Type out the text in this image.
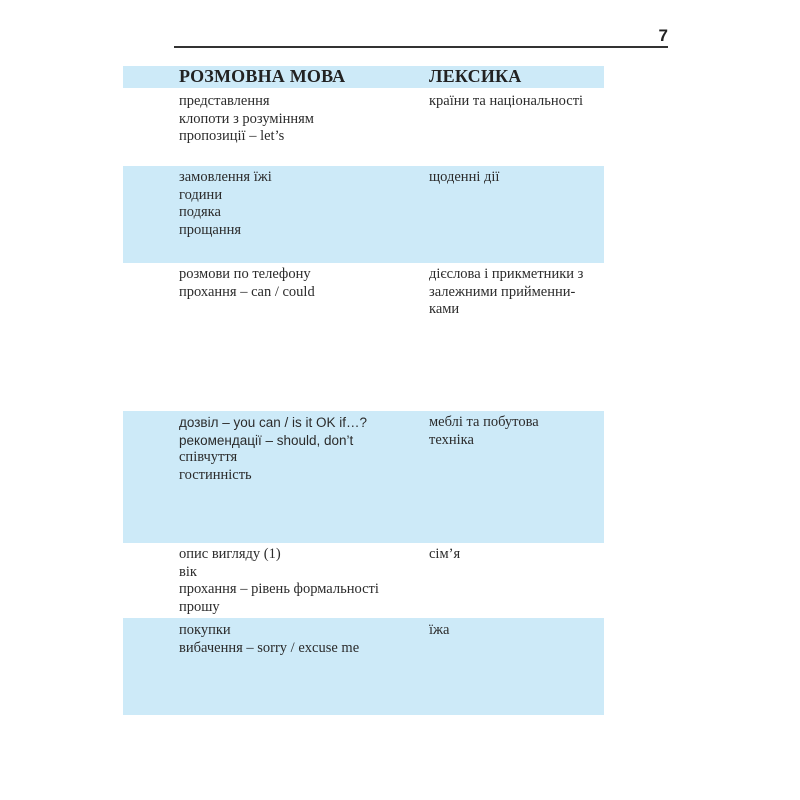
7
РОЗМОВНА МОВА	ЛЕКСИКА
представлення
клопоти з розумінням
пропозиції – let’s
країни та національності
замовлення їжі
години
подяка
прощання
щоденні дії
розмови по телефону
прохання – can / could
дієслова і прикметники з
залежними прийменни-
ками
дозвіл – you can / is it OK if…?
рекомендації – should, don’t
співчуття
гостинність
меблі та побутова
техніка
опис вигляду (1)
вік
прохання – рівень формальності
прошу
сім’я
покупки
вибачення – sorry / excuse me
їжа
